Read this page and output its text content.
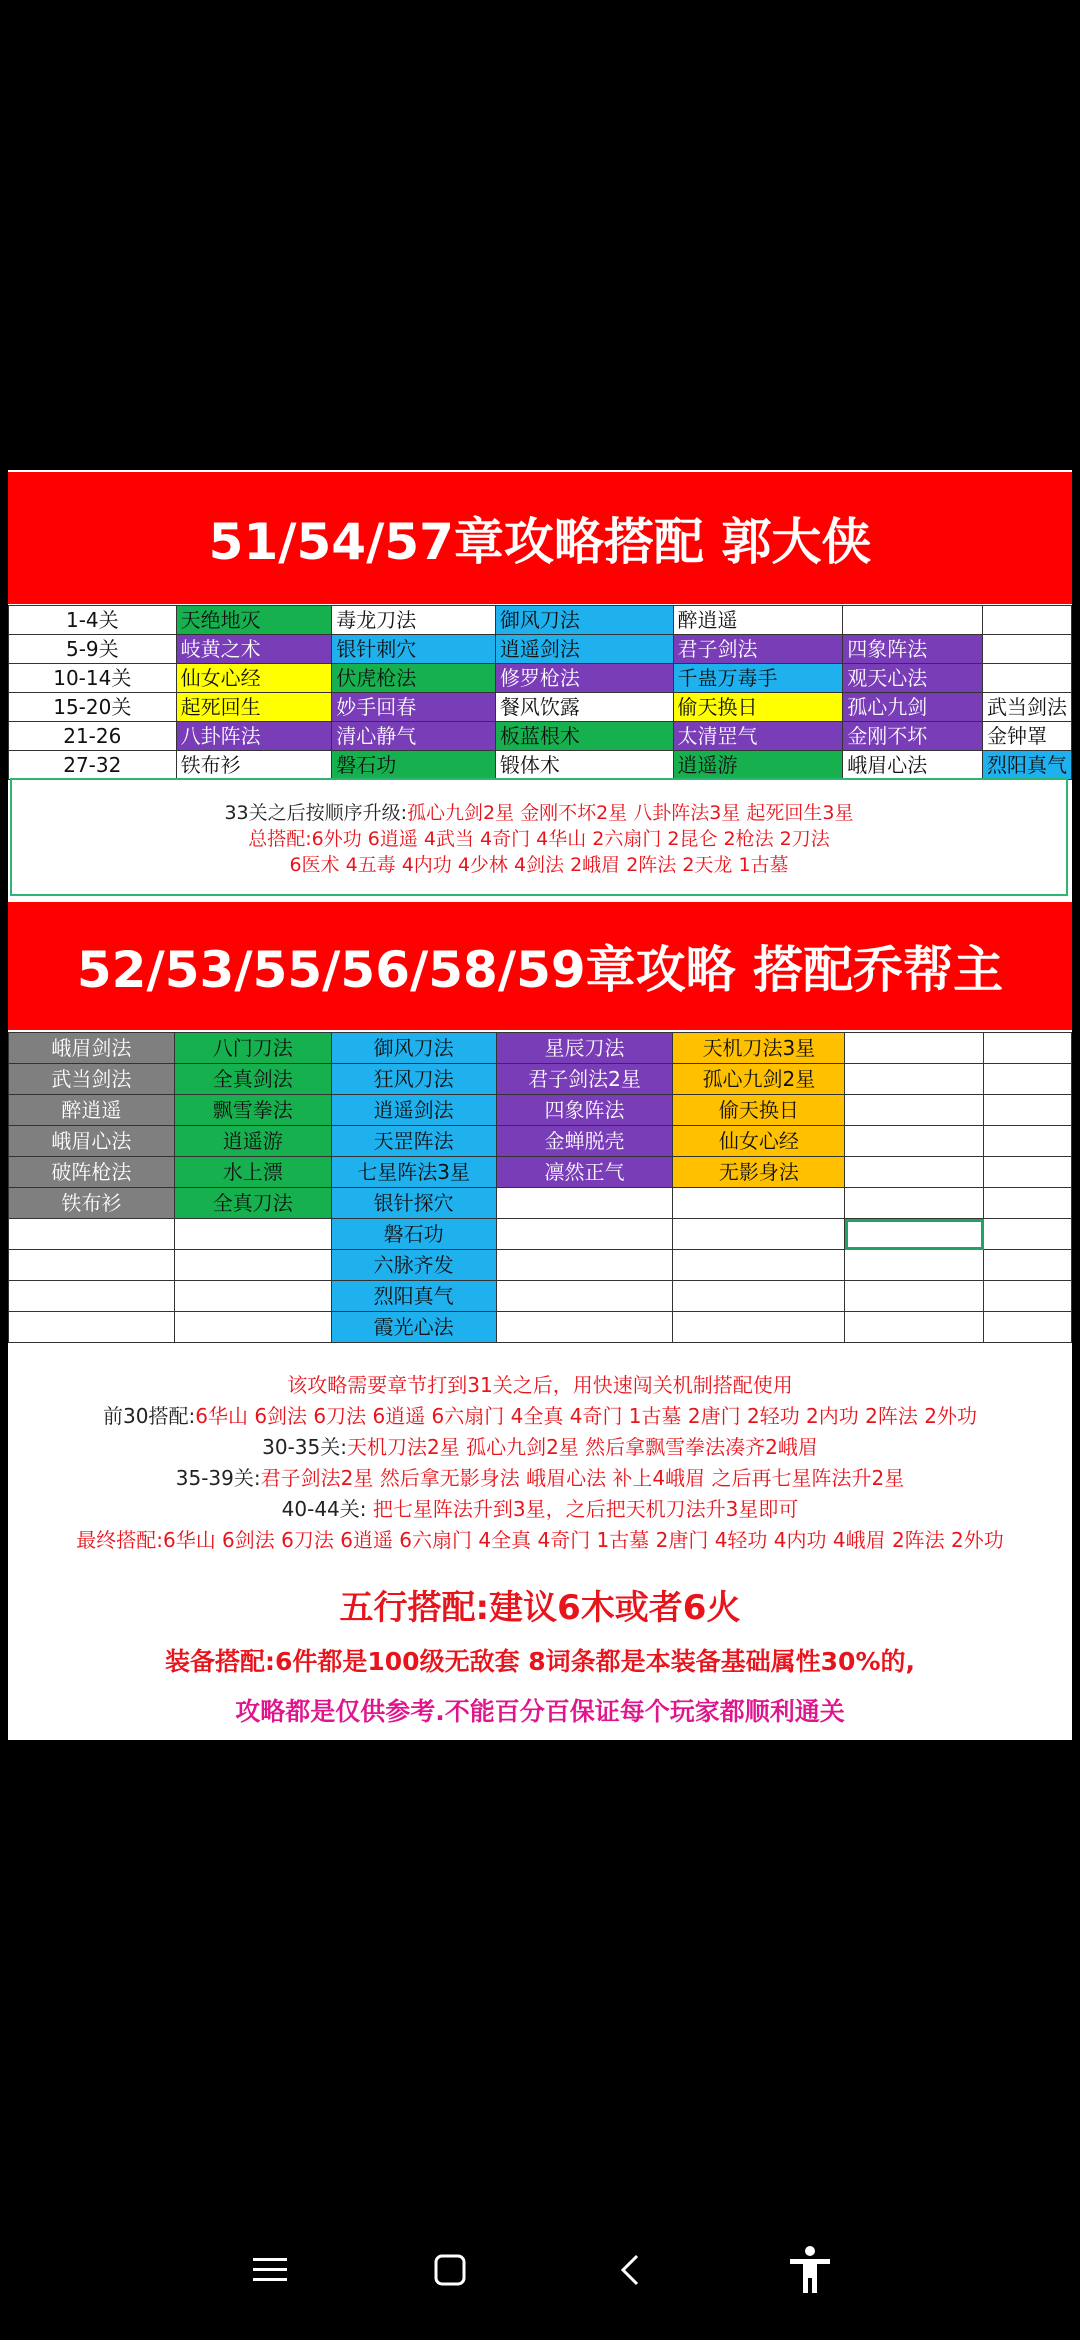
51/54/57章攻略搭配 郭大侠
1-4关	天绝地灭	毒龙刀法	御风刀法	醉逍遥		
5-9关	岐黄之术	银针刺穴	逍遥剑法	君子剑法	四象阵法	
10-14关	仙女心经	伏虎枪法	修罗枪法	千蛊万毒手	观天心法	
15-20关	起死回生	妙手回春	餐风饮露	偷天换日	孤心九剑	武当剑法
21-26	八卦阵法	清心静气	板蓝根术	太清罡气	金刚不坏	金钟罩
27-32	铁布衫	磐石功	锻体术	逍遥游	峨眉心法	烈阳真气
33关之后按顺序升级:孤心九剑2星 金刚不坏2星 八卦阵法3星 起死回生3星
总搭配:6外功 6逍遥 4武当 4奇门 4华山 2六扇门 2昆仑 2枪法 2刀法
6医术 4五毒 4内功 4少林 4剑法 2峨眉 2阵法 2天龙 1古墓
52/53/55/56/58/59章攻略 搭配乔帮主
峨眉剑法	八门刀法	御风刀法	星辰刀法	天机刀法3星		
武当剑法	全真剑法	狂风刀法	君子剑法2星	孤心九剑2星		
醉逍遥	飘雪拳法	逍遥剑法	四象阵法	偷天换日		
峨眉心法	逍遥游	天罡阵法	金蝉脱壳	仙女心经		
破阵枪法	水上漂	七星阵法3星	凛然正气	无影身法		
铁布衫	全真刀法	银针探穴				
		磐石功				
		六脉齐发				
		烈阳真气				
		霞光心法				
该攻略需要章节打到31关之后，用快速闯关机制搭配使用
前30搭配:6华山 6剑法 6刀法 6逍遥 6六扇门 4全真 4奇门 1古墓 2唐门 2轻功 2内功 2阵法 2外功
30-35关:天机刀法2星 孤心九剑2星 然后拿飘雪拳法凑齐2峨眉
35-39关:君子剑法2星 然后拿无影身法 峨眉心法 补上4峨眉 之后再七星阵法升2星
40-44关: 把七星阵法升到3星，之后把天机刀法升3星即可
最终搭配:6华山 6剑法 6刀法 6逍遥 6六扇门 4全真 4奇门 1古墓 2唐门 4轻功 4内功 4峨眉 2阵法 2外功
五行搭配:建议6木或者6火
装备搭配:6件都是100级无敌套 8词条都是本装备基础属性30%的,
攻略都是仅供参考.不能百分百保证每个玩家都顺利通关
